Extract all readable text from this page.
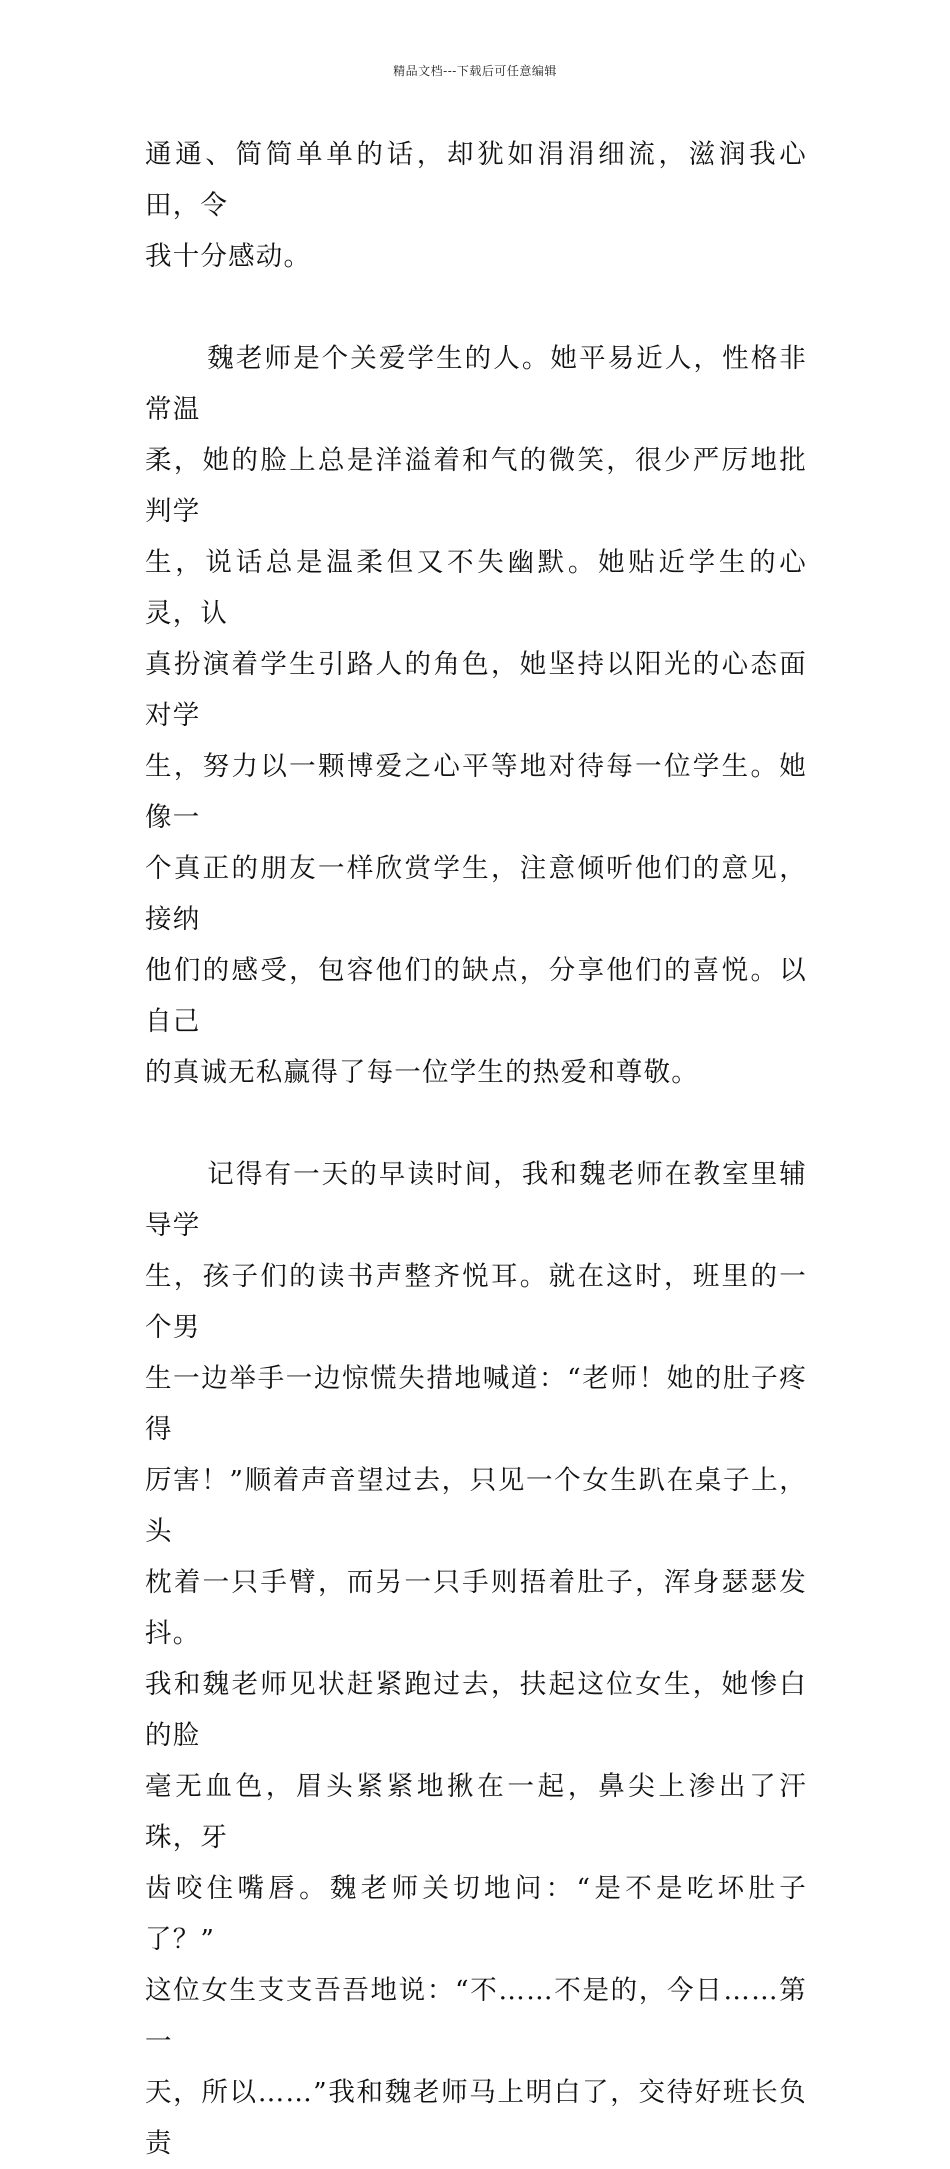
精品文档---下载后可任意编辑

通通、简简单单的话，却犹如涓涓细流，滋润我心田，令
我十分感动。

魏老师是个关爱学生的人。她平易近人，性格非常温
柔，她的脸上总是洋溢着和气的微笑，很少严厉地批判学
生，说话总是温柔但又不失幽默。她贴近学生的心灵，认
真扮演着学生引路人的角色，她坚持以阳光的心态面对学
生，努力以一颗博爱之心平等地对待每一位学生。她像一
个真正的朋友一样欣赏学生，注意倾听他们的意见，接纳
他们的感受，包容他们的缺点，分享他们的喜悦。以自己
的真诚无私赢得了每一位学生的热爱和尊敬。

记得有一天的早读时间，我和魏老师在教室里辅导学
生，孩子们的读书声整齐悦耳。就在这时，班里的一个男
生一边举手一边惊慌失措地喊道：“老师！她的肚子疼得
厉害！”顺着声音望过去，只见一个女生趴在桌子上，头
枕着一只手臂，而另一只手则捂着肚子，浑身瑟瑟发抖。
我和魏老师见状赶紧跑过去，扶起这位女生，她惨白的脸
毫无血色，眉头紧紧地揪在一起，鼻尖上渗出了汗珠，牙
齿咬住嘴唇。魏老师关切地问：“是不是吃坏肚子了？”
这位女生支支吾吾地说：“不……不是的，今日……第一
天，所以……”我和魏老师马上明白了，交待好班长负责
